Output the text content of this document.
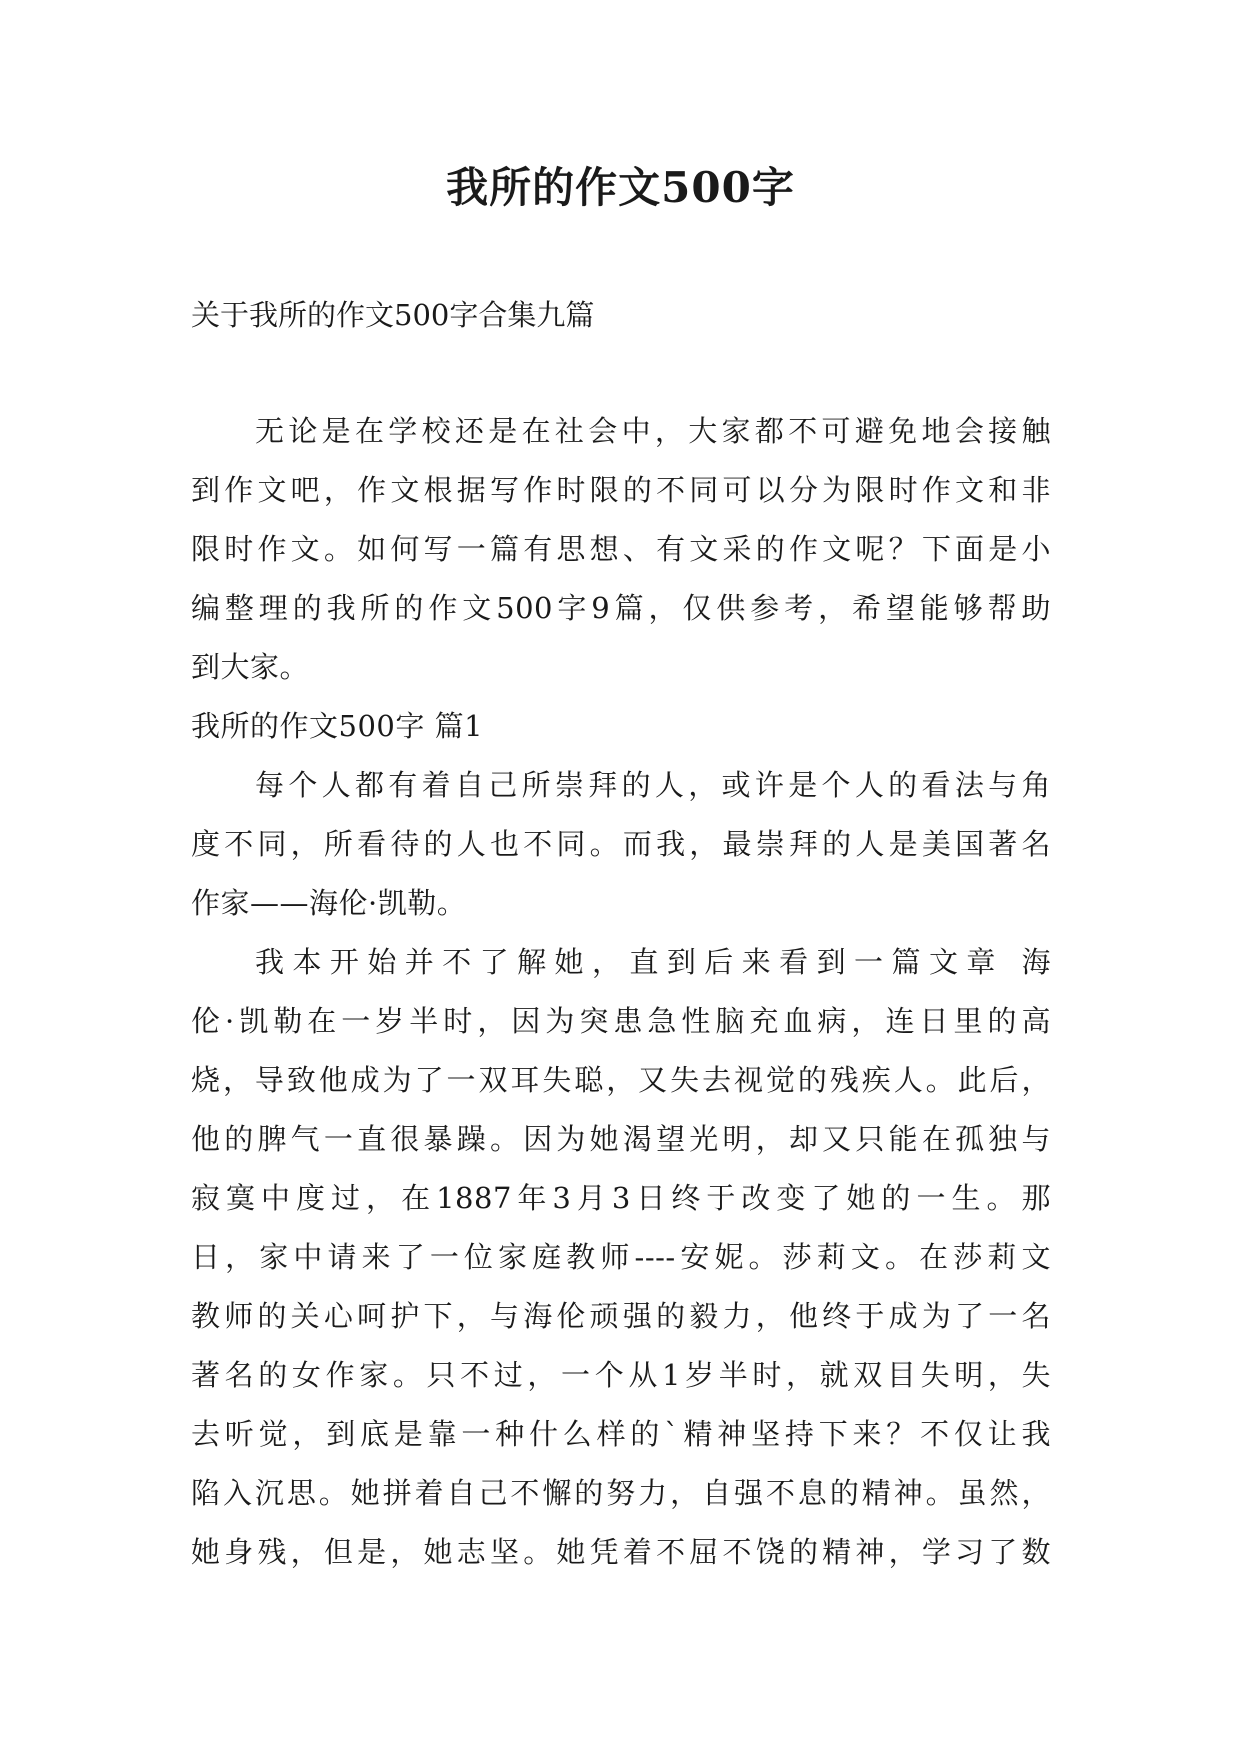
我所的作文500字

关于我所的作文500字合集九篇

无论是在学校还是在社会中，大家都不可避免地会接触
到作文吧，作文根据写作时限的不同可以分为限时作文和非
限时作文。如何写一篇有思想、有文采的作文呢？下面是小
编整理的我所的作文500字9篇，仅供参考，希望能够帮助
到大家。
我所的作文500字 篇1
每个人都有着自己所崇拜的人，或许是个人的看法与角
度不同，所看待的人也不同。而我，最崇拜的人是美国著名
作家——海伦·凯勒。
我本开始并不了解她，直到后来看到一篇文章 海
伦·凯勒在一岁半时，因为突患急性脑充血病，连日里的高
烧，导致他成为了一双耳失聪，又失去视觉的残疾人。此后，
他的脾气一直很暴躁。因为她渴望光明，却又只能在孤独与
寂寞中度过，在1887年3月3日终于改变了她的一生。那
日，家中请来了一位家庭教师----安妮。莎莉文。在莎莉文
教师的关心呵护下，与海伦顽强的毅力，他终于成为了一名
著名的女作家。只不过，一个从1岁半时，就双目失明，失
去听觉，到底是靠一种什么样的`精神坚持下来？不仅让我
陷入沉思。她拼着自己不懈的努力，自强不息的精神。虽然，
她身残，但是，她志坚。她凭着不屈不饶的精神，学习了数
